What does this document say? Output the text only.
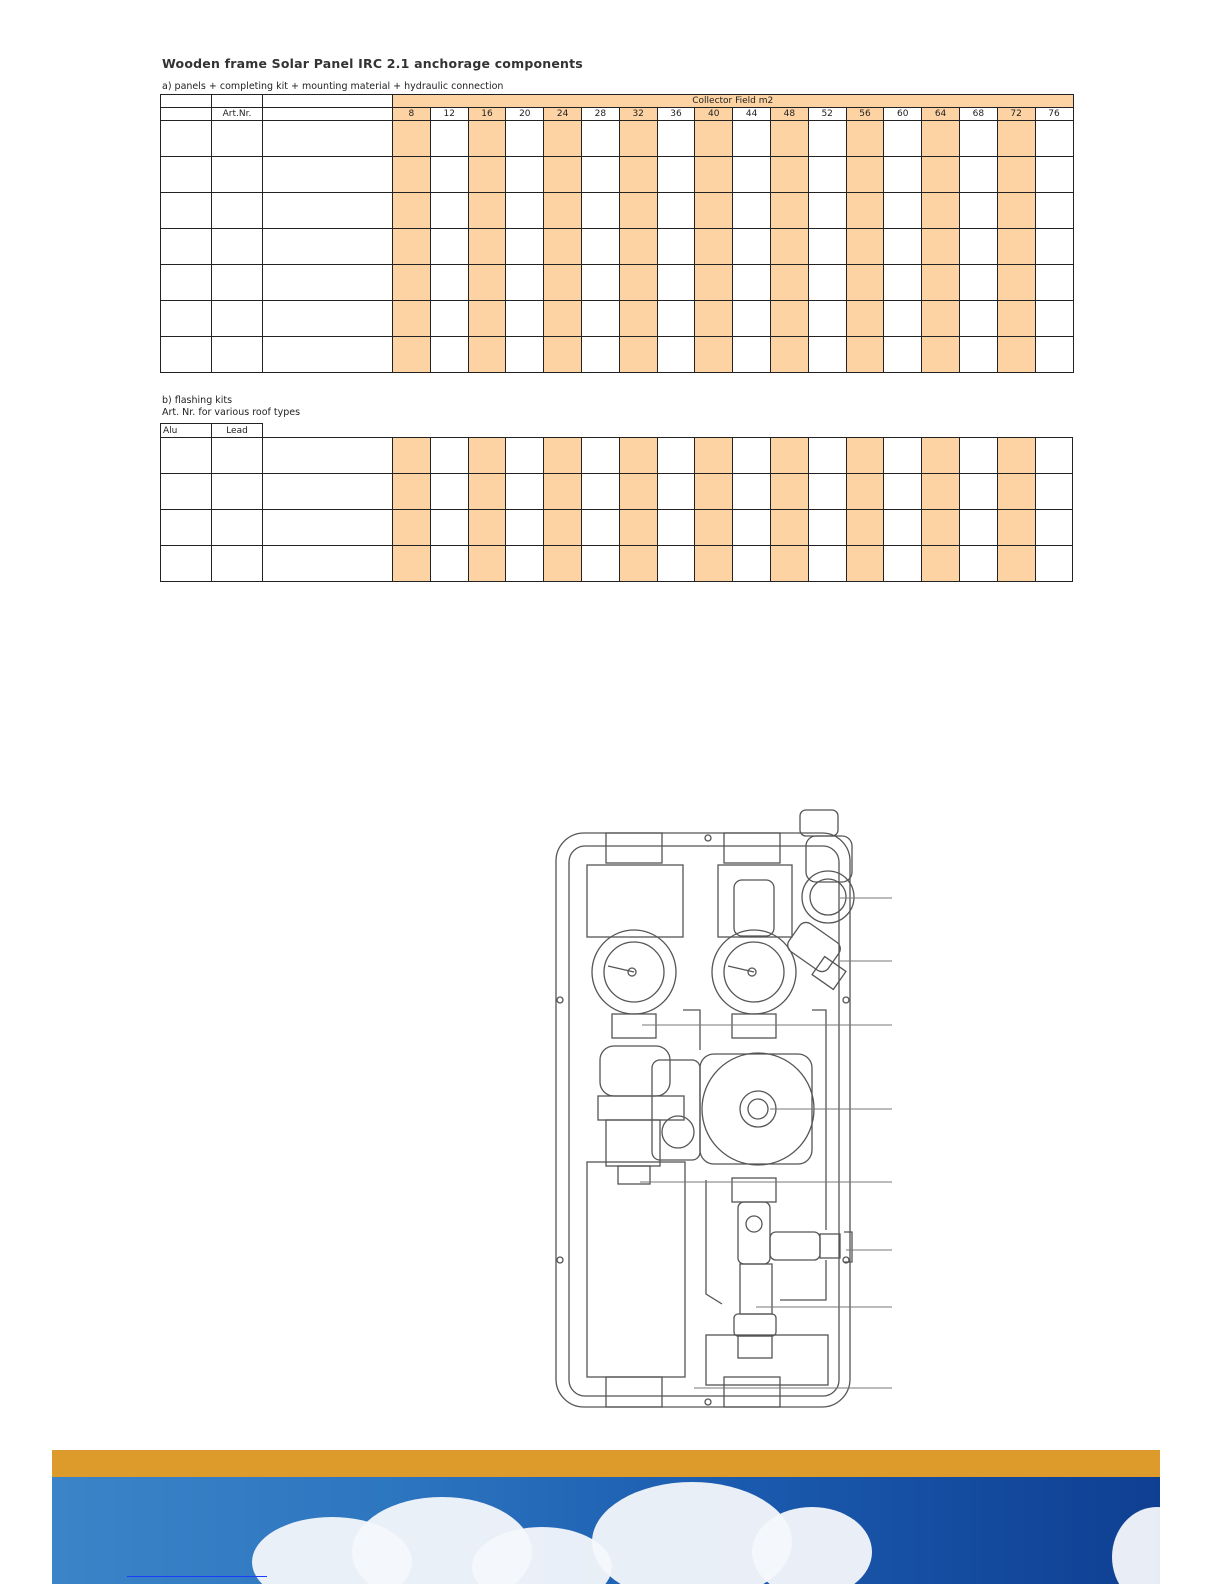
Wooden frame Solar Panel IRC 2.1 anchorage components
a) panels + completing kit + mounting material + hydraulic connection
			Collector Field m2																	
	Art.Nr.		8	12	16	20	24	28	32	36	40	44	48	52	56	60	64	68	72	76

b) flashing kits
Art. Nr. for various roof types
Alu	Lead
